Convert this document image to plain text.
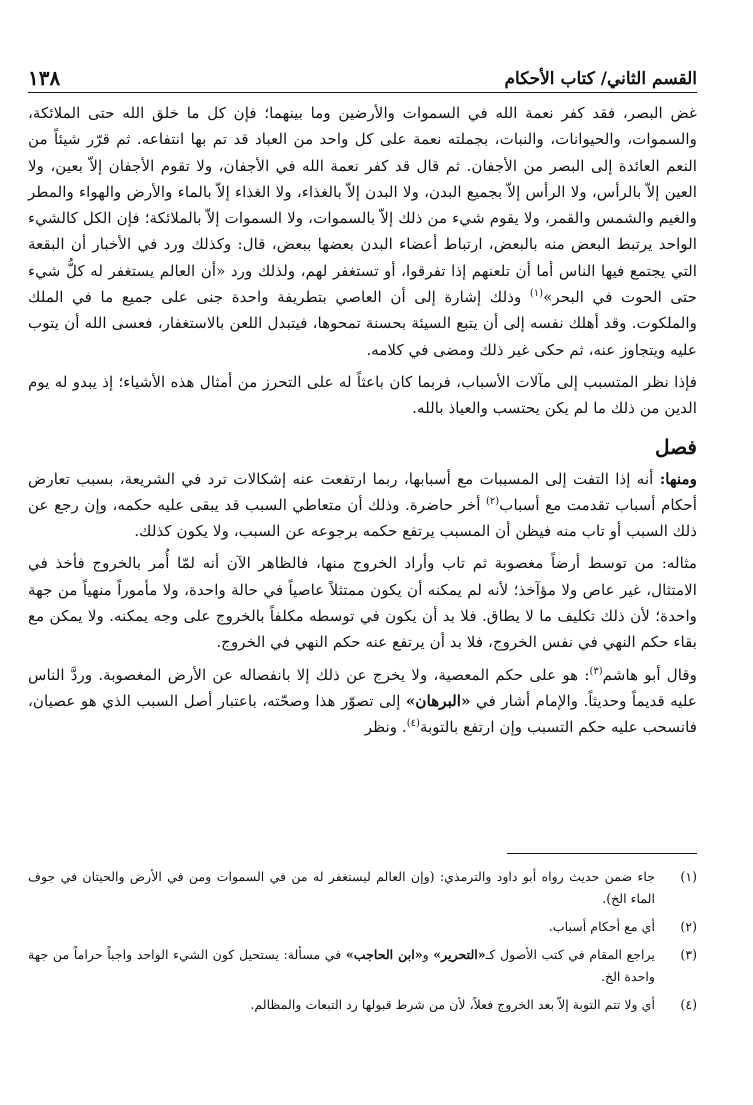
القسم الثاني/ كتاب الأحكام
١٣٨

غض البصر، فقد كفر نعمة الله في السموات والأرضين وما بينهما؛ فإن كل ما خلق الله حتى الملائكة، والسموات، والحيوانات، والنبات، بجملته نعمة على كل واحد من العباد قد تم بها انتفاعه. ثم قرّر شيئاً من النعم العائدة إلى البصر من الأجفان. ثم قال قد كفر نعمة الله في الأجفان، ولا تقوم الأجفان إلاّ بعين، ولا العين إلاّ بالرأس، ولا الرأس إلاّ بجميع البدن، ولا البدن إلاّ بالغذاء، ولا الغذاء إلاّ بالماء والأرض والهواء والمطر والغيم والشمس والقمر، ولا يقوم شيء من ذلك إلاّ بالسموات، ولا السموات إلاّ بالملائكة؛ فإن الكل كالشيء الواحد يرتبط البعض منه بالبعض، ارتباط أعضاء البدن بعضها ببعض، قال: وكذلك ورد في الأخبار أن البقعة التي يجتمع فيها الناس أما أن تلعنهم إذا تفرقوا، أو تستغفر لهم، ولذلك ورد «أن العالم يستغفر له كلُّ شيء حتى الحوت في البحر»$^{(١)}$ وذلك إشارة إلى أن العاصي بتطريفة واحدة جنى على جميع ما في الملك والملكوت. وقد أهلك نفسه إلى أن يتبع السيئة بحسنة تمحوها، فيتبدل اللعن بالاستغفار، فعسى الله أن يتوب عليه ويتجاوز عنه، ثم حكى غير ذلك ومضى في كلامه.

فإذا نظر المتسبب إلى مآلات الأسباب، فربما كان باعثاً له على التحرز من أمثال هذه الأشياء؛ إذ يبدو له يوم الدين من ذلك ما لم يكن يحتسب والعياذ بالله.

فصل

ومنها: أنه إذا التفت إلى المسببات مع أسبابها، ربما ارتفعت عنه إشكالات ترد في الشريعة، بسبب تعارض أحكام أسباب تقدمت مع أسباب$^{(٢)}$ أخر حاضرة. وذلك أن متعاطي السبب قد يبقى عليه حكمه، وإن رجع عن ذلك السبب أو تاب منه فيظن أن المسبب يرتفع حكمه برجوعه عن السبب، ولا يكون كذلك.

مثاله: من توسط أرضاً مغصوبة ثم تاب وأراد الخروج منها، فالظاهر الآن أنه لمّا أُمر بالخروج فأخذ في الامتثال، غير عاص ولا مؤآخذ؛ لأنه لم يمكنه أن يكون ممتثلاً عاصياً في حالة واحدة، ولا مأموراً منهياً من جهة واحدة؛ لأن ذلك تكليف ما لا يطاق. فلا بد أن يكون في توسطه مكلفاً بالخروج على وجه يمكنه. ولا يمكن مع بقاء حكم النهي في نفس الخروج، فلا بد أن يرتفع عنه حكم النهي في الخروج.

وقال أبو هاشم$^{(٣)}$: هو على حكم المعصية، ولا يخرج عن ذلك إلا بانفصاله عن الأرض المغصوبة. وردَّ الناس عليه قديماً وحديثاً. والإمام أشار في «البرهان» إلى تصوّر هذا وصحّته، باعتبار أصل السبب الذي هو عصيان، فانسحب عليه حكم التسبب وإن ارتفع بالتوبة$^{(٤)}$. ونظر

(١)
جاء ضمن حديث رواه أبو داود والترمذي: (وإن العالم ليستغفر له من في السموات ومن في الأرض والحيتان في جوف الماء الخ).
(٢)
أي مع أحكام أسباب.
(٣)
يراجع المقام في كتب الأصول كـ«التحرير» و«ابن الحاجب» في مسألة: يستحيل كون الشيء الواحد واجباً حراماً من جهة واحدة الخ.
(٤)
أي ولا تتم التوبة إلاّ بعد الخروج فعلاً، لأن من شرط قبولها رد التبعات والمظالم.
